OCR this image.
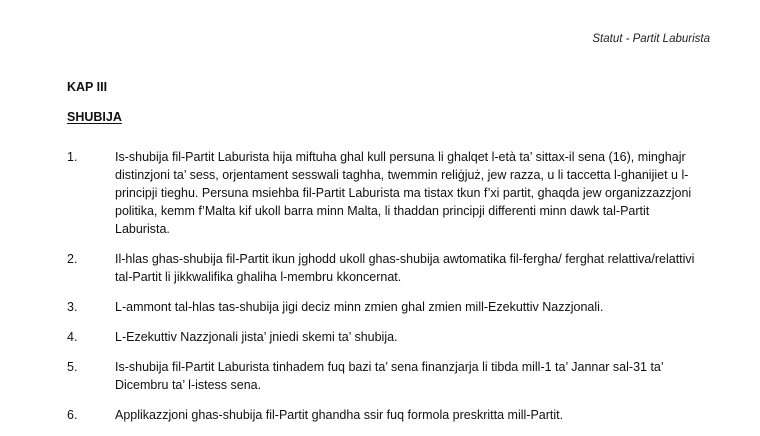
Statut - Partit Laburista
KAP III
SHUBIJA
1.	Is-shubija fil-Partit Laburista hija miftuha ghal kull persuna li ghalqet l-età ta’ sittax-il sena (16), minghajr distinzjoni ta’ sess, orjentament sesswali taghha, twemmin reliġjuż, jew razza, u li taccetta l-ghanijiet u l-principji tieghu. Persuna msiehba fil-Partit Laburista ma tistax tkun f’xi partit, ghaqda jew organizzazzjoni politika, kemm f’Malta kif ukoll barra minn Malta, li thaddan principji differenti minn dawk tal-Partit Laburista.
2.	Il-hlas ghas-shubija fil-Partit ikun jghodd ukoll ghas-shubija awtomatika fil-fergha/ ferghat relattiva/relattivi tal-Partit li jikkwalifika ghaliha l-membru kkoncernat.
3.	L-ammont tal-hlas tas-shubija jigi deciz minn zmien ghal zmien mill-Ezekuttiv Nazzjonali.
4.	L-Ezekuttiv Nazzjonali jista’ jniedi skemi ta’ shubija.
5.	Is-shubija fil-Partit Laburista tinhadem fuq bazi ta’ sena finanzjarja li tibda mill-1 ta’ Jannar sal-31 ta’ Dicembru ta’ l-istess sena.
6.	Applikazzjoni ghas-shubija fil-Partit ghandha ssir fuq formola preskritta mill-Partit.
